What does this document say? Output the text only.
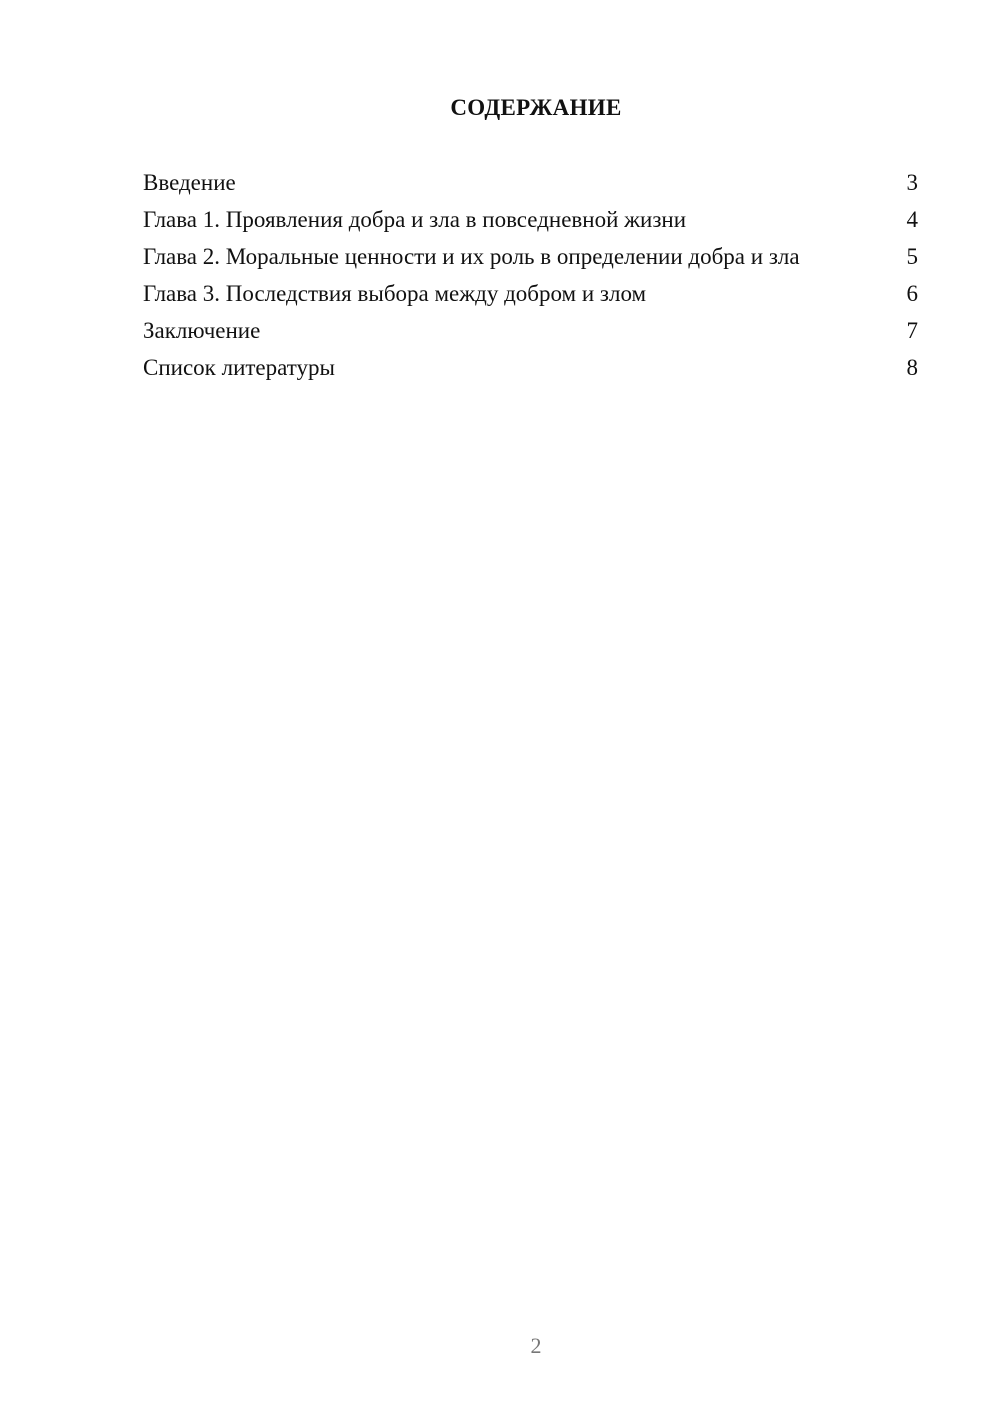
СОДЕРЖАНИЕ
Введение	3
Глава 1. Проявления добра и зла в повседневной жизни	4
Глава 2. Моральные ценности и их роль в определении добра и зла	5
Глава 3. Последствия выбора между добром и злом	6
Заключение	7
Список литературы	8
2
